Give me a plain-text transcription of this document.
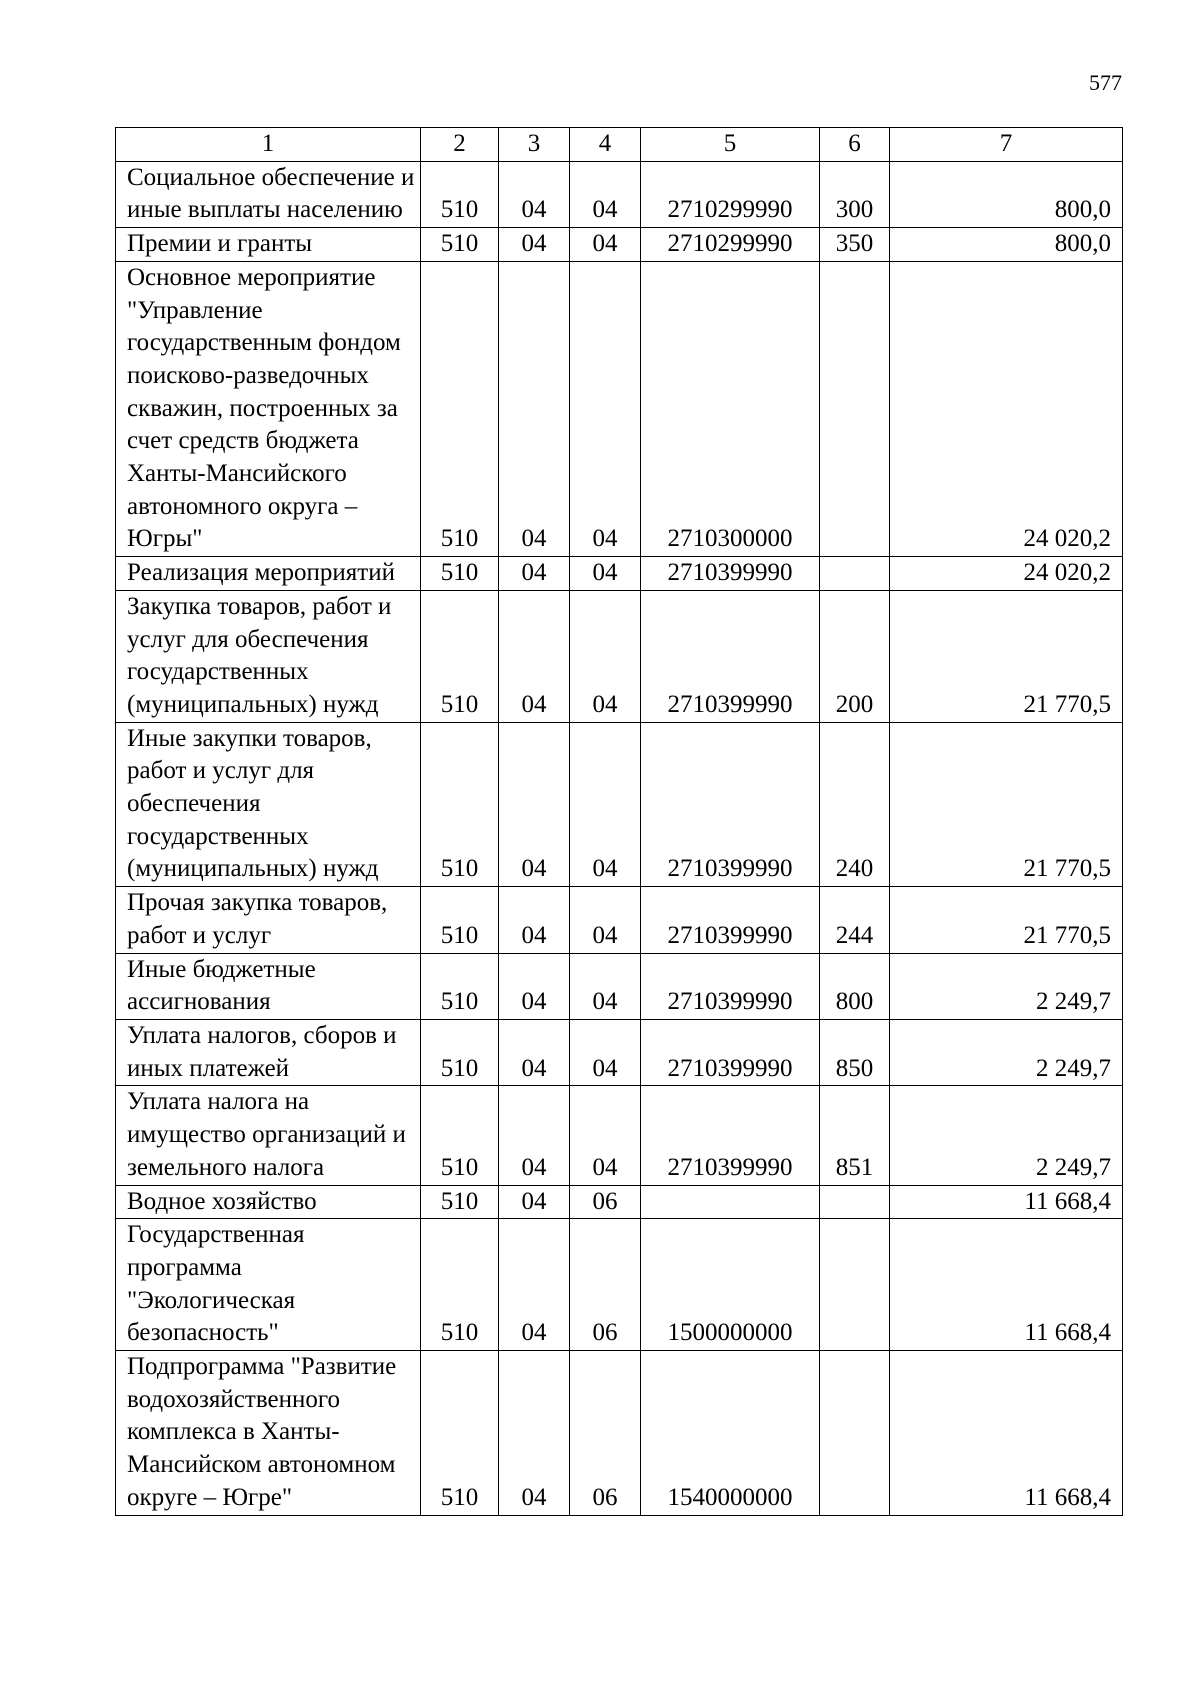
577
1	2	3	4	5	6	7
Социальное обеспечение и иные выплаты населению	510	04	04	2710299990	300	800,0
Премии и гранты	510	04	04	2710299990	350	800,0
Основное мероприятие "Управление государственным фондом поисково-разведочных скважин, построенных за счет средств бюджета Ханты-Мансийского автономного округа – Югры"	510	04	04	2710300000		24 020,2
Реализация мероприятий	510	04	04	2710399990		24 020,2
Закупка товаров, работ и услуг для обеспечения государственных (муниципальных) нужд	510	04	04	2710399990	200	21 770,5
Иные закупки товаров, работ и услуг для обеспечения государственных (муниципальных) нужд	510	04	04	2710399990	240	21 770,5
Прочая закупка товаров, работ и услуг	510	04	04	2710399990	244	21 770,5
Иные бюджетные ассигнования	510	04	04	2710399990	800	2 249,7
Уплата налогов, сборов и иных платежей	510	04	04	2710399990	850	2 249,7
Уплата налога на имущество организаций и земельного налога	510	04	04	2710399990	851	2 249,7
Водное хозяйство	510	04	06			11 668,4
Государственная программа "Экологическая безопасность"	510	04	06	1500000000		11 668,4
Подпрограмма "Развитие водохозяйственного комплекса в Ханты-Мансийском автономном округе – Югре"	510	04	06	1540000000		11 668,4
